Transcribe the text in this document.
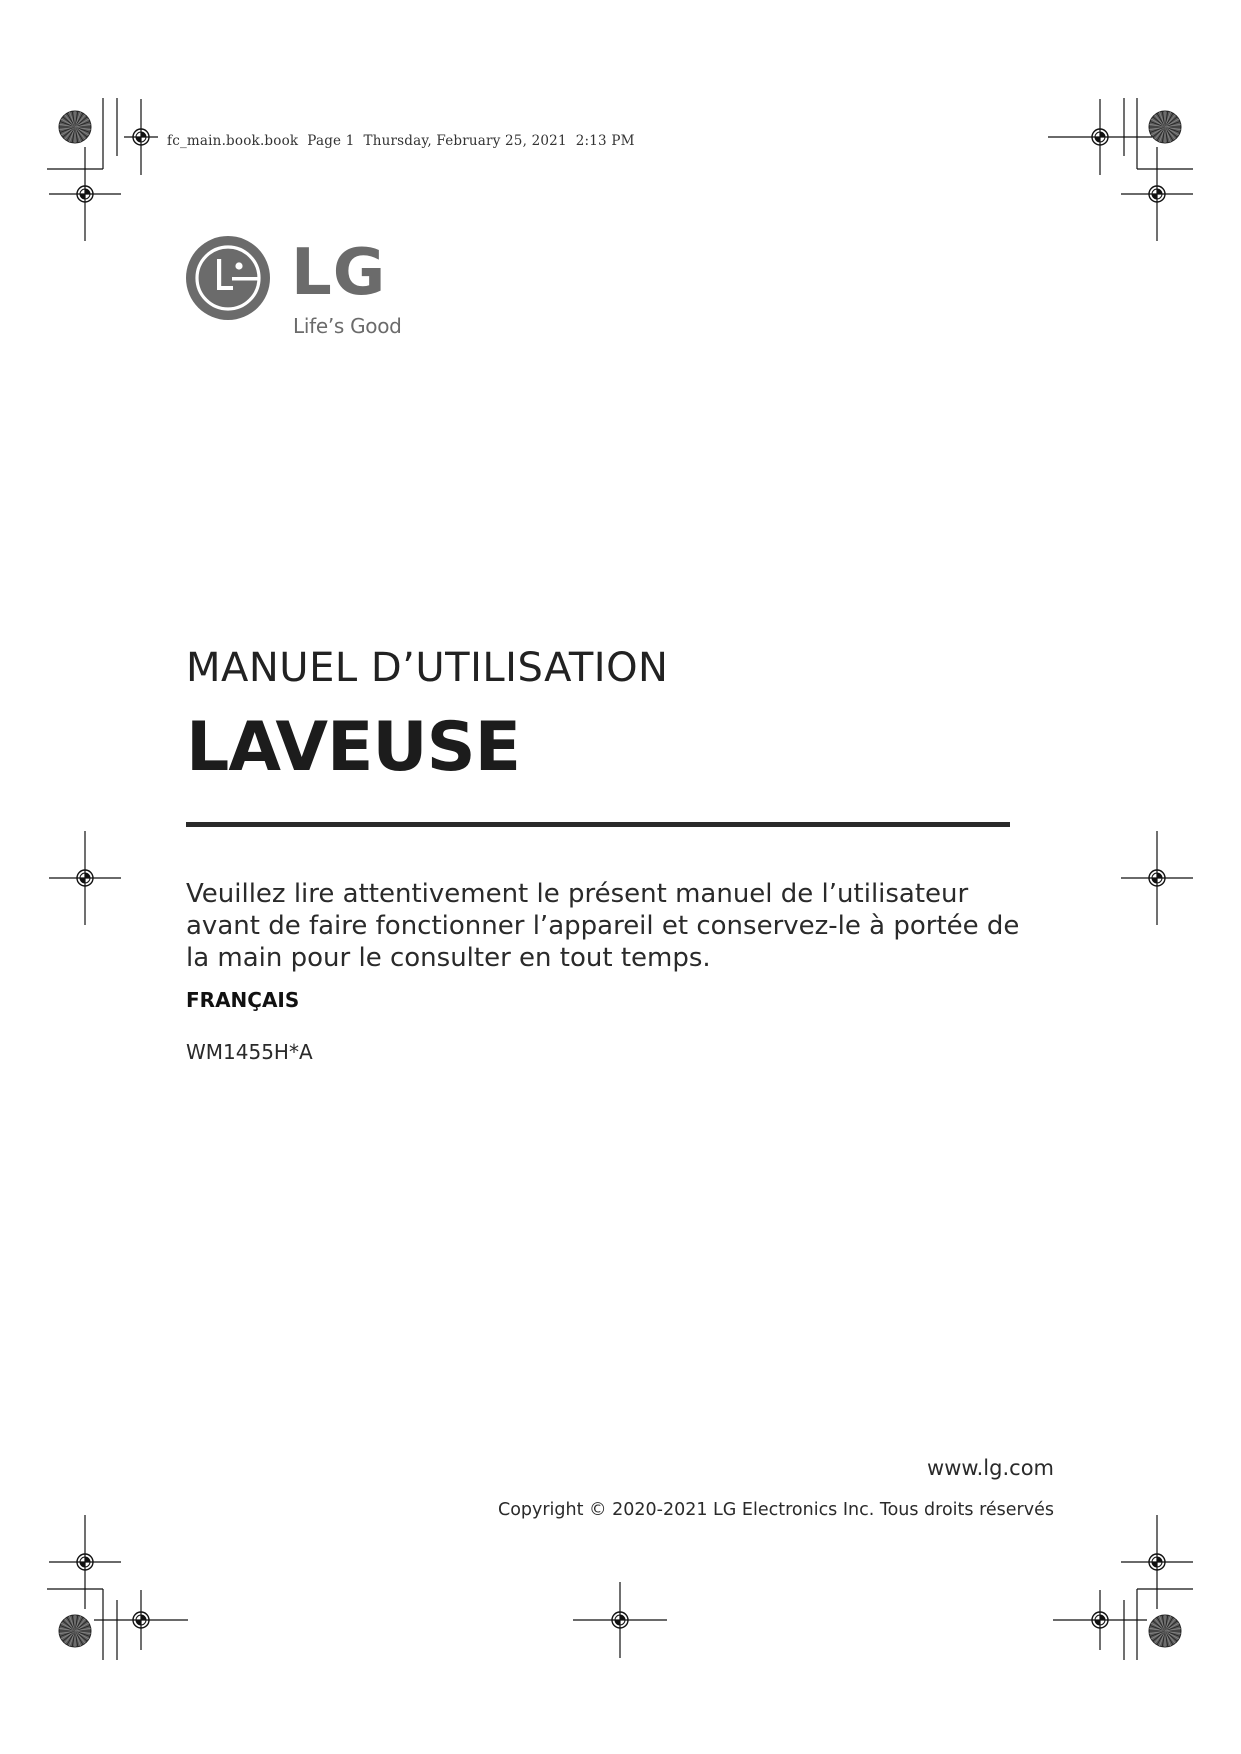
fc_main.book.book  Page 1  Thursday, February 25, 2021  2:13 PM
LG
Life’s Good
MANUEL D’UTILISATION
LAVEUSE
Veuillez lire attentivement le présent manuel de l’utilisateur
avant de faire fonctionner l’appareil et conservez-le à portée de
la main pour le consulter en tout temps.
FRANÇAIS
WM1455H*A
www.lg.com
Copyright © 2020-2021 LG Electronics Inc. Tous droits réservés
